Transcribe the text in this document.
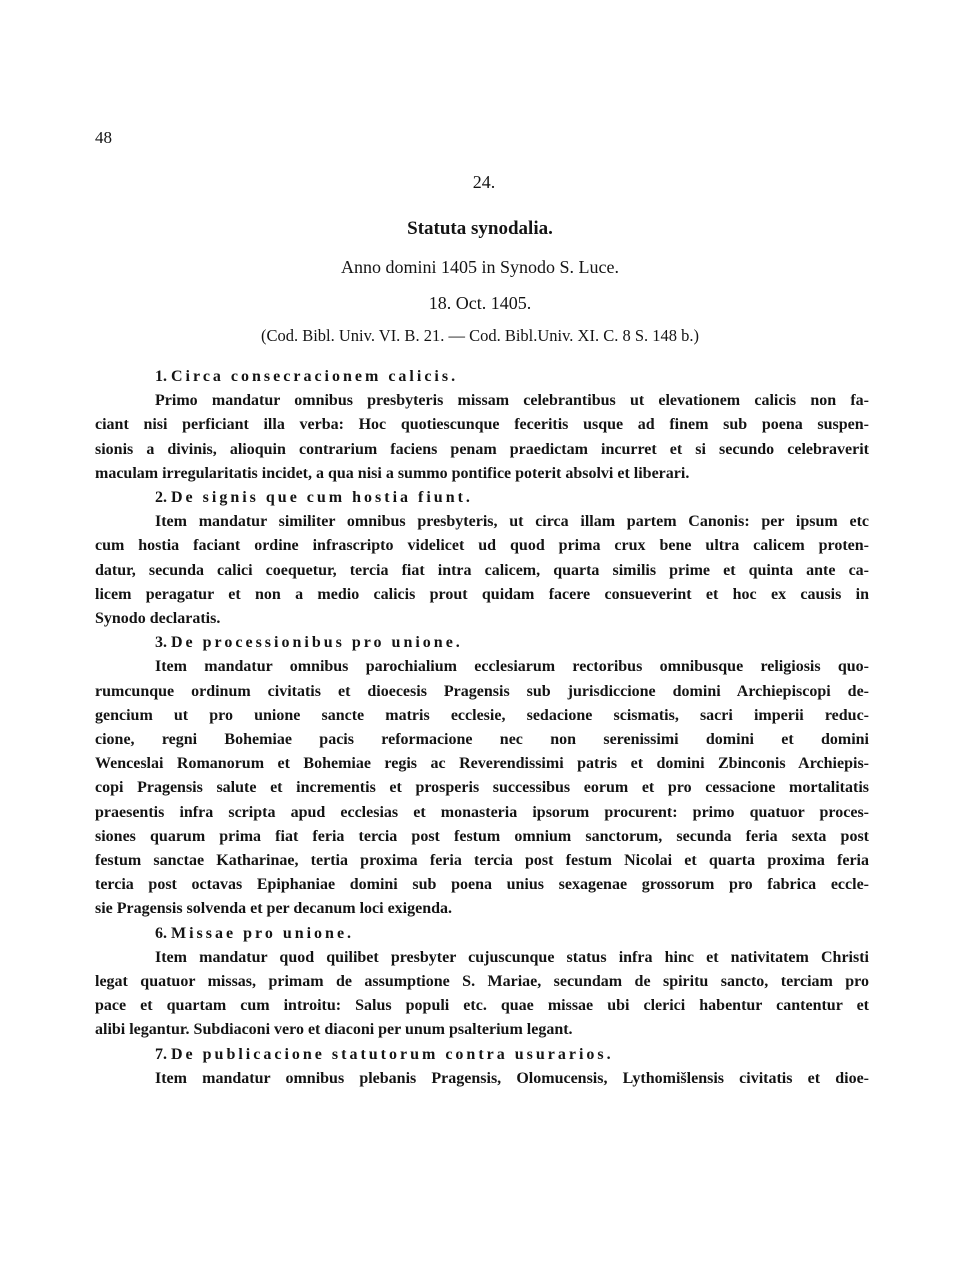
48
24.
Statuta synodalia.
Anno domini 1405 in Synodo S. Luce.
18. Oct. 1405.
(Cod. Bibl. Univ. VI. B. 21. — Cod. Bibl.Univ. XI. C. 8 S. 148 b.)
1. Circa consecracionem calicis.
Primo mandatur omnibus presbyteris missam celebrantibus ut elevationem calicis non fa-
ciant nisi perficiant illa verba: Hoc quotiescunque feceritis usque ad finem sub poena suspen-
sionis a divinis, alioquin contrarium faciens penam praedictam incurret et si secundo celebraverit
maculam irregularitatis incidet, a qua nisi a summo pontifice poterit absolvi et liberari.
2. De signis que cum hostia fiunt.
Item mandatur similiter omnibus presbyteris, ut circa illam partem Canonis: per ipsum etc
cum hostia faciant ordine infrascripto videlicet ud quod prima crux bene ultra calicem proten-
datur, secunda calici coequetur, tercia fiat intra calicem, quarta similis prime et quinta ante ca-
licem peragatur et non a medio calicis prout quidam facere consueverint et hoc ex causis in
Synodo declaratis.
3. De processionibus pro unione.
Item mandatur omnibus parochialium ecclesiarum rectoribus omnibusque religiosis quo-
rumcunque ordinum civitatis et dioecesis Pragensis sub jurisdiccione domini Archiepiscopi de-
gencium ut pro unione sancte matris ecclesie, sedacione scismatis, sacri imperii reduc-
cione, regni Bohemiae pacis reformacione nec non serenissimi domini et domini
Wenceslai Romanorum et Bohemiae regis ac Reverendissimi patris et domini Zbinconis Archiepis-
copi Pragensis salute et incrementis et prosperis successibus eorum et pro cessacione mortalitatis
praesentis infra scripta apud ecclesias et monasteria ipsorum procurent: primo quatuor proces-
siones quarum prima fiat feria tercia post festum omnium sanctorum, secunda feria sexta post
festum sanctae Katharinae, tertia proxima feria tercia post festum Nicolai et quarta proxima feria
tercia post octavas Epiphaniae domini sub poena unius sexagenae grossorum pro fabrica eccle-
sie Pragensis solvenda et per decanum loci exigenda.
6. Missae pro unione.
Item mandatur quod quilibet presbyter cujuscunque status infra hinc et nativitatem Christi
legat quatuor missas, primam de assumptione S. Mariae, secundam de spiritu sancto, terciam pro
pace et quartam cum introitu: Salus populi etc. quae missae ubi clerici habentur cantentur et
alibi legantur. Subdiaconi vero et diaconi per unum psalterium legant.
7. De publicacione statutorum contra usurarios.
Item mandatur omnibus plebanis Pragensis, Olomucensis, Lythomišlensis civitatis et dioe-
